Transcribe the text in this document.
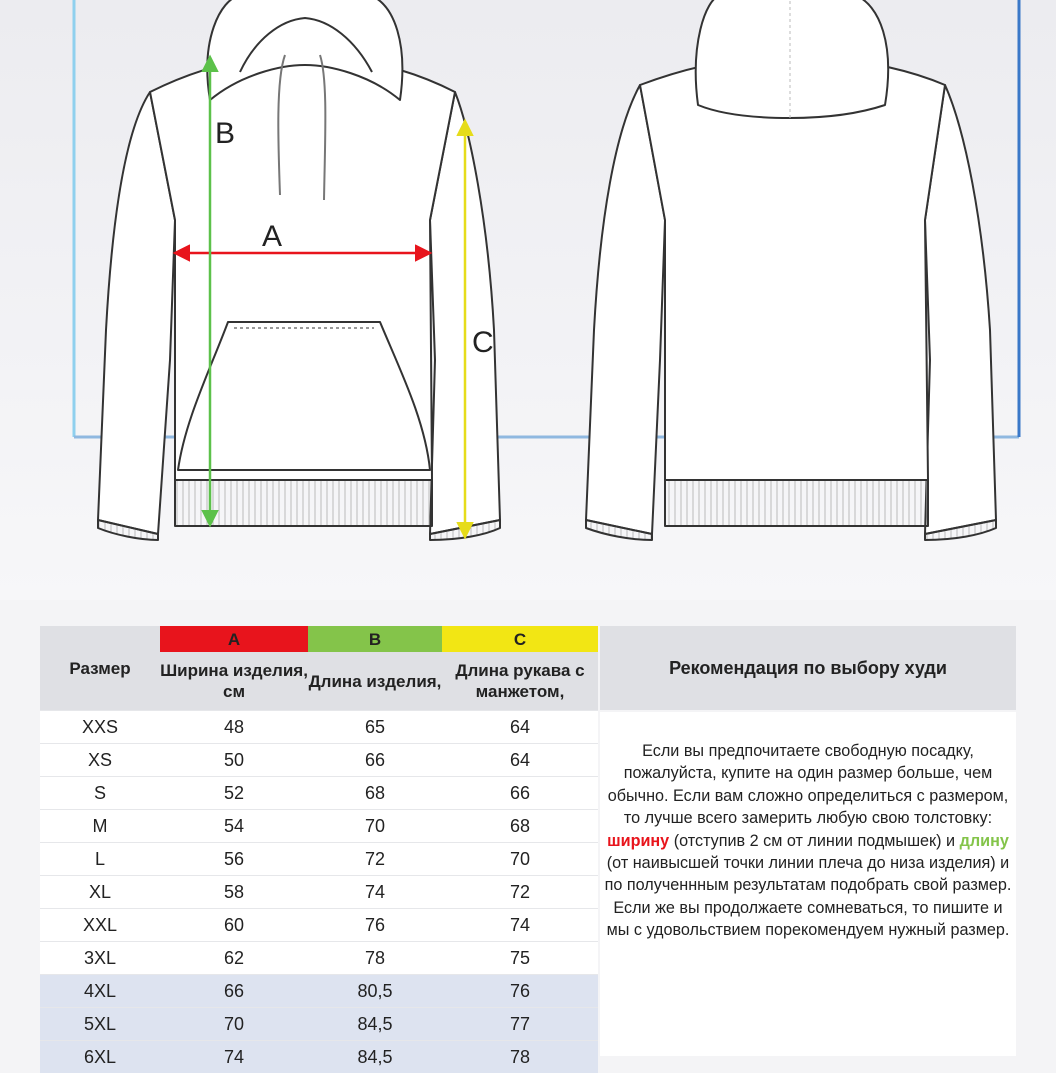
A
B
C
Размер	A	B	C
	Ширина изделия, см	Длина изделия,	Длина рукава с манжетом,
XXS	48	65	64
XS	50	66	64
S	52	68	66
M	54	70	68
L	56	72	70
XL	58	74	72
XXL	60	76	74
3XL	62	78	75
4XL	66	80,5	76
5XL	70	84,5	77
6XL	74	84,5	78
Рекомендация по выбору худи
Если вы предпочитаете свободную посадку, пожалуйста, купите на один размер больше, чем обычно. Если вам сложно определиться с размером, то лучше всего замерить любую свою толстовку: ширину (отступив 2 см от линии подмышек) и длину (от наивысшей точки линии плеча до низа изделия) и по полученнным результатам подобрать свой размер. Если же вы продолжаете сомневаться, то пишите и мы с удовольствием порекомендуем нужный размер.
